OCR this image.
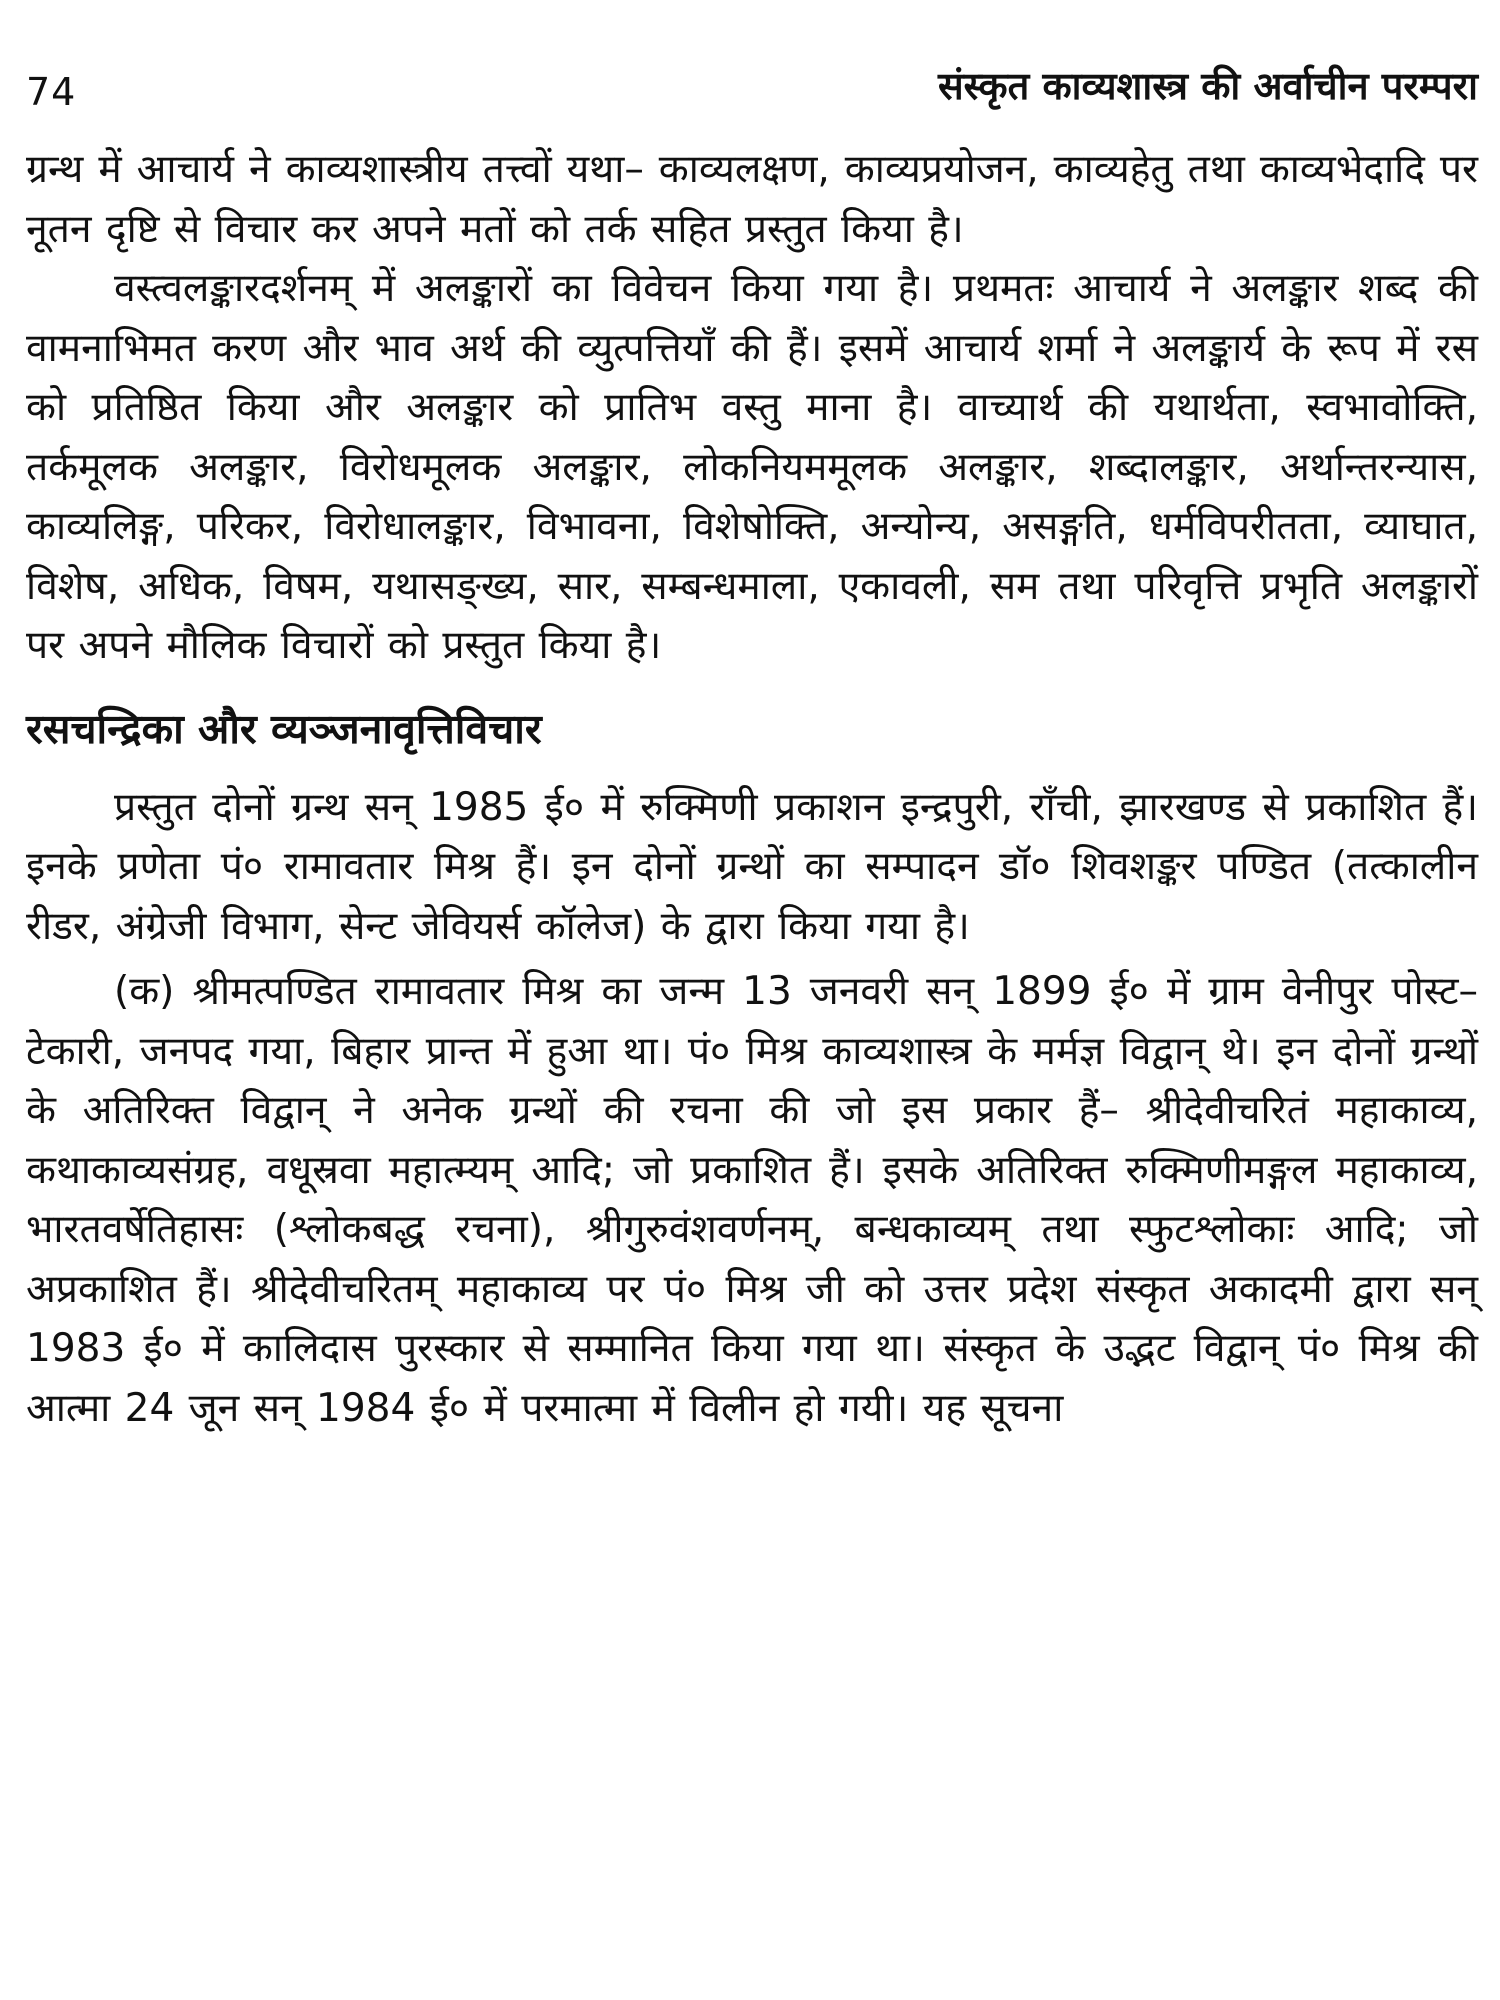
74	संस्कृत काव्यशास्त्र की अर्वाचीन परम्परा

ग्रन्थ में आचार्य ने काव्यशास्त्रीय तत्त्वों यथा– काव्यलक्षण, काव्यप्रयोजन, काव्यहेतु तथा काव्यभेदादि पर नूतन दृष्टि से विचार कर अपने मतों को तर्क सहित प्रस्तुत किया है।

वस्त्वलङ्कारदर्शनम् में अलङ्कारों का विवेचन किया गया है। प्रथमतः आचार्य ने अलङ्कार शब्द की वामनाभिमत करण और भाव अर्थ की व्युत्पत्तियाँ की हैं। इसमें आचार्य शर्मा ने अलङ्कार्य के रूप में रस को प्रतिष्ठित किया और अलङ्कार को प्रातिभ वस्तु माना है। वाच्यार्थ की यथार्थता, स्वभावोक्ति, तर्कमूलक अलङ्कार, विरोधमूलक अलङ्कार, लोकनियममूलक अलङ्कार, शब्दालङ्कार, अर्थान्तरन्यास, काव्यलिङ्ग, परिकर, विरोधालङ्कार, विभावना, विशेषोक्ति, अन्योन्य, असङ्गति, धर्मविपरीतता, व्याघात, विशेष, अधिक, विषम, यथासङ्ख्य, सार, सम्बन्धमाला, एकावली, सम तथा परिवृत्ति प्रभृति अलङ्कारों पर अपने मौलिक विचारों को प्रस्तुत किया है।

रसचन्द्रिका और व्यञ्जनावृत्तिविचार

प्रस्तुत दोनों ग्रन्थ सन् 1985 ई० में रुक्मिणी प्रकाशन इन्द्रपुरी, राँची, झारखण्ड से प्रकाशित हैं। इनके प्रणेता पं० रामावतार मिश्र हैं। इन दोनों ग्रन्थों का सम्पादन डॉ० शिवशङ्कर पण्डित (तत्कालीन रीडर, अंग्रेजी विभाग, सेन्ट जेवियर्स कॉलेज) के द्वारा किया गया है।

(क) श्रीमत्पण्डित रामावतार मिश्र का जन्म 13 जनवरी सन् 1899 ई० में ग्राम वेनीपुर पोस्ट–टेकारी, जनपद गया, बिहार प्रान्त में हुआ था। पं० मिश्र काव्यशास्त्र के मर्मज्ञ विद्वान् थे। इन दोनों ग्रन्थों के अतिरिक्त विद्वान् ने अनेक ग्रन्थों की रचना की जो इस प्रकार हैं– श्रीदेवीचरितं महाकाव्य, कथाकाव्यसंग्रह, वधूस्रवा महात्म्यम् आदि; जो प्रकाशित हैं। इसके अतिरिक्त रुक्मिणीमङ्गल महाकाव्य, भारतवर्षेतिहासः (श्लोकबद्ध रचना), श्रीगुरुवंशवर्णनम्, बन्धकाव्यम् तथा स्फुटश्लोकाः आदि; जो अप्रकाशित हैं। श्रीदेवीचरितम् महाकाव्य पर पं० मिश्र जी को उत्तर प्रदेश संस्कृत अकादमी द्वारा सन् 1983 ई० में कालिदास पुरस्कार से सम्मानित किया गया था। संस्कृत के उद्भट विद्वान् पं० मिश्र की आत्मा 24 जून सन् 1984 ई० में परमात्मा में विलीन हो गयी। यह सूचना
